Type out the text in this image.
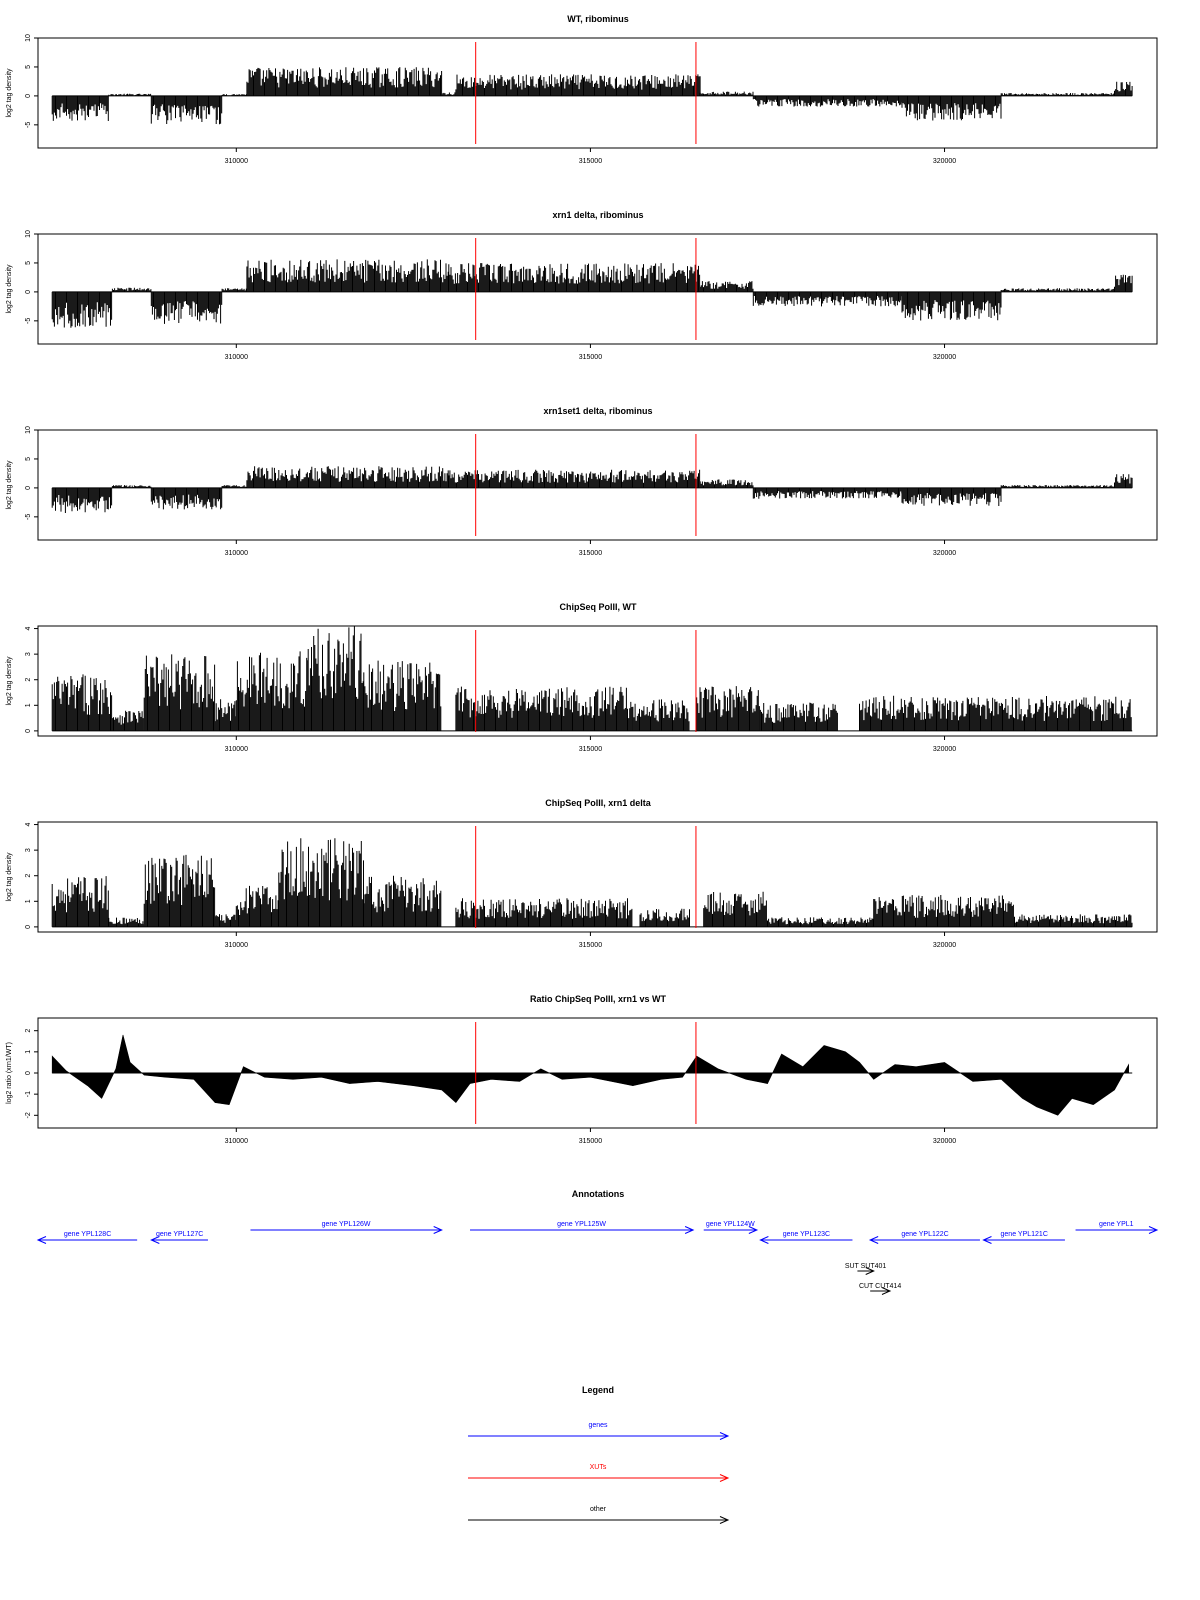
WT, ribominus
log2 tag density
-5
0
5
10
310000	315000	320000
xrn1 delta, ribominus
log2 tag density
-5
0
5
10
310000	315000	320000
xrn1set1 delta, ribominus
log2 tag density
-5
0
5
10
310000	315000	320000
ChipSeq PolII, WT
log2 tag density
0
1
2
3
4
310000	315000	320000
ChipSeq PolII, xrn1 delta
log2 tag density
0
1
2
3
4
310000	315000	320000
Ratio ChipSeq PolII, xrn1 vs WT
log2 ratio (xrn1/WT)
-2
-1
0
1
2
310000	315000	320000
Annotations
gene YPL128C	gene YPL127C
gene YPL126W	gene YPL125W	gene YPL124W
gene YPL123C	gene YPL122C	gene YPL121C
gene YPL1
SUT SUT401
CUT CUT414
Legend
genes
XUTs
other
